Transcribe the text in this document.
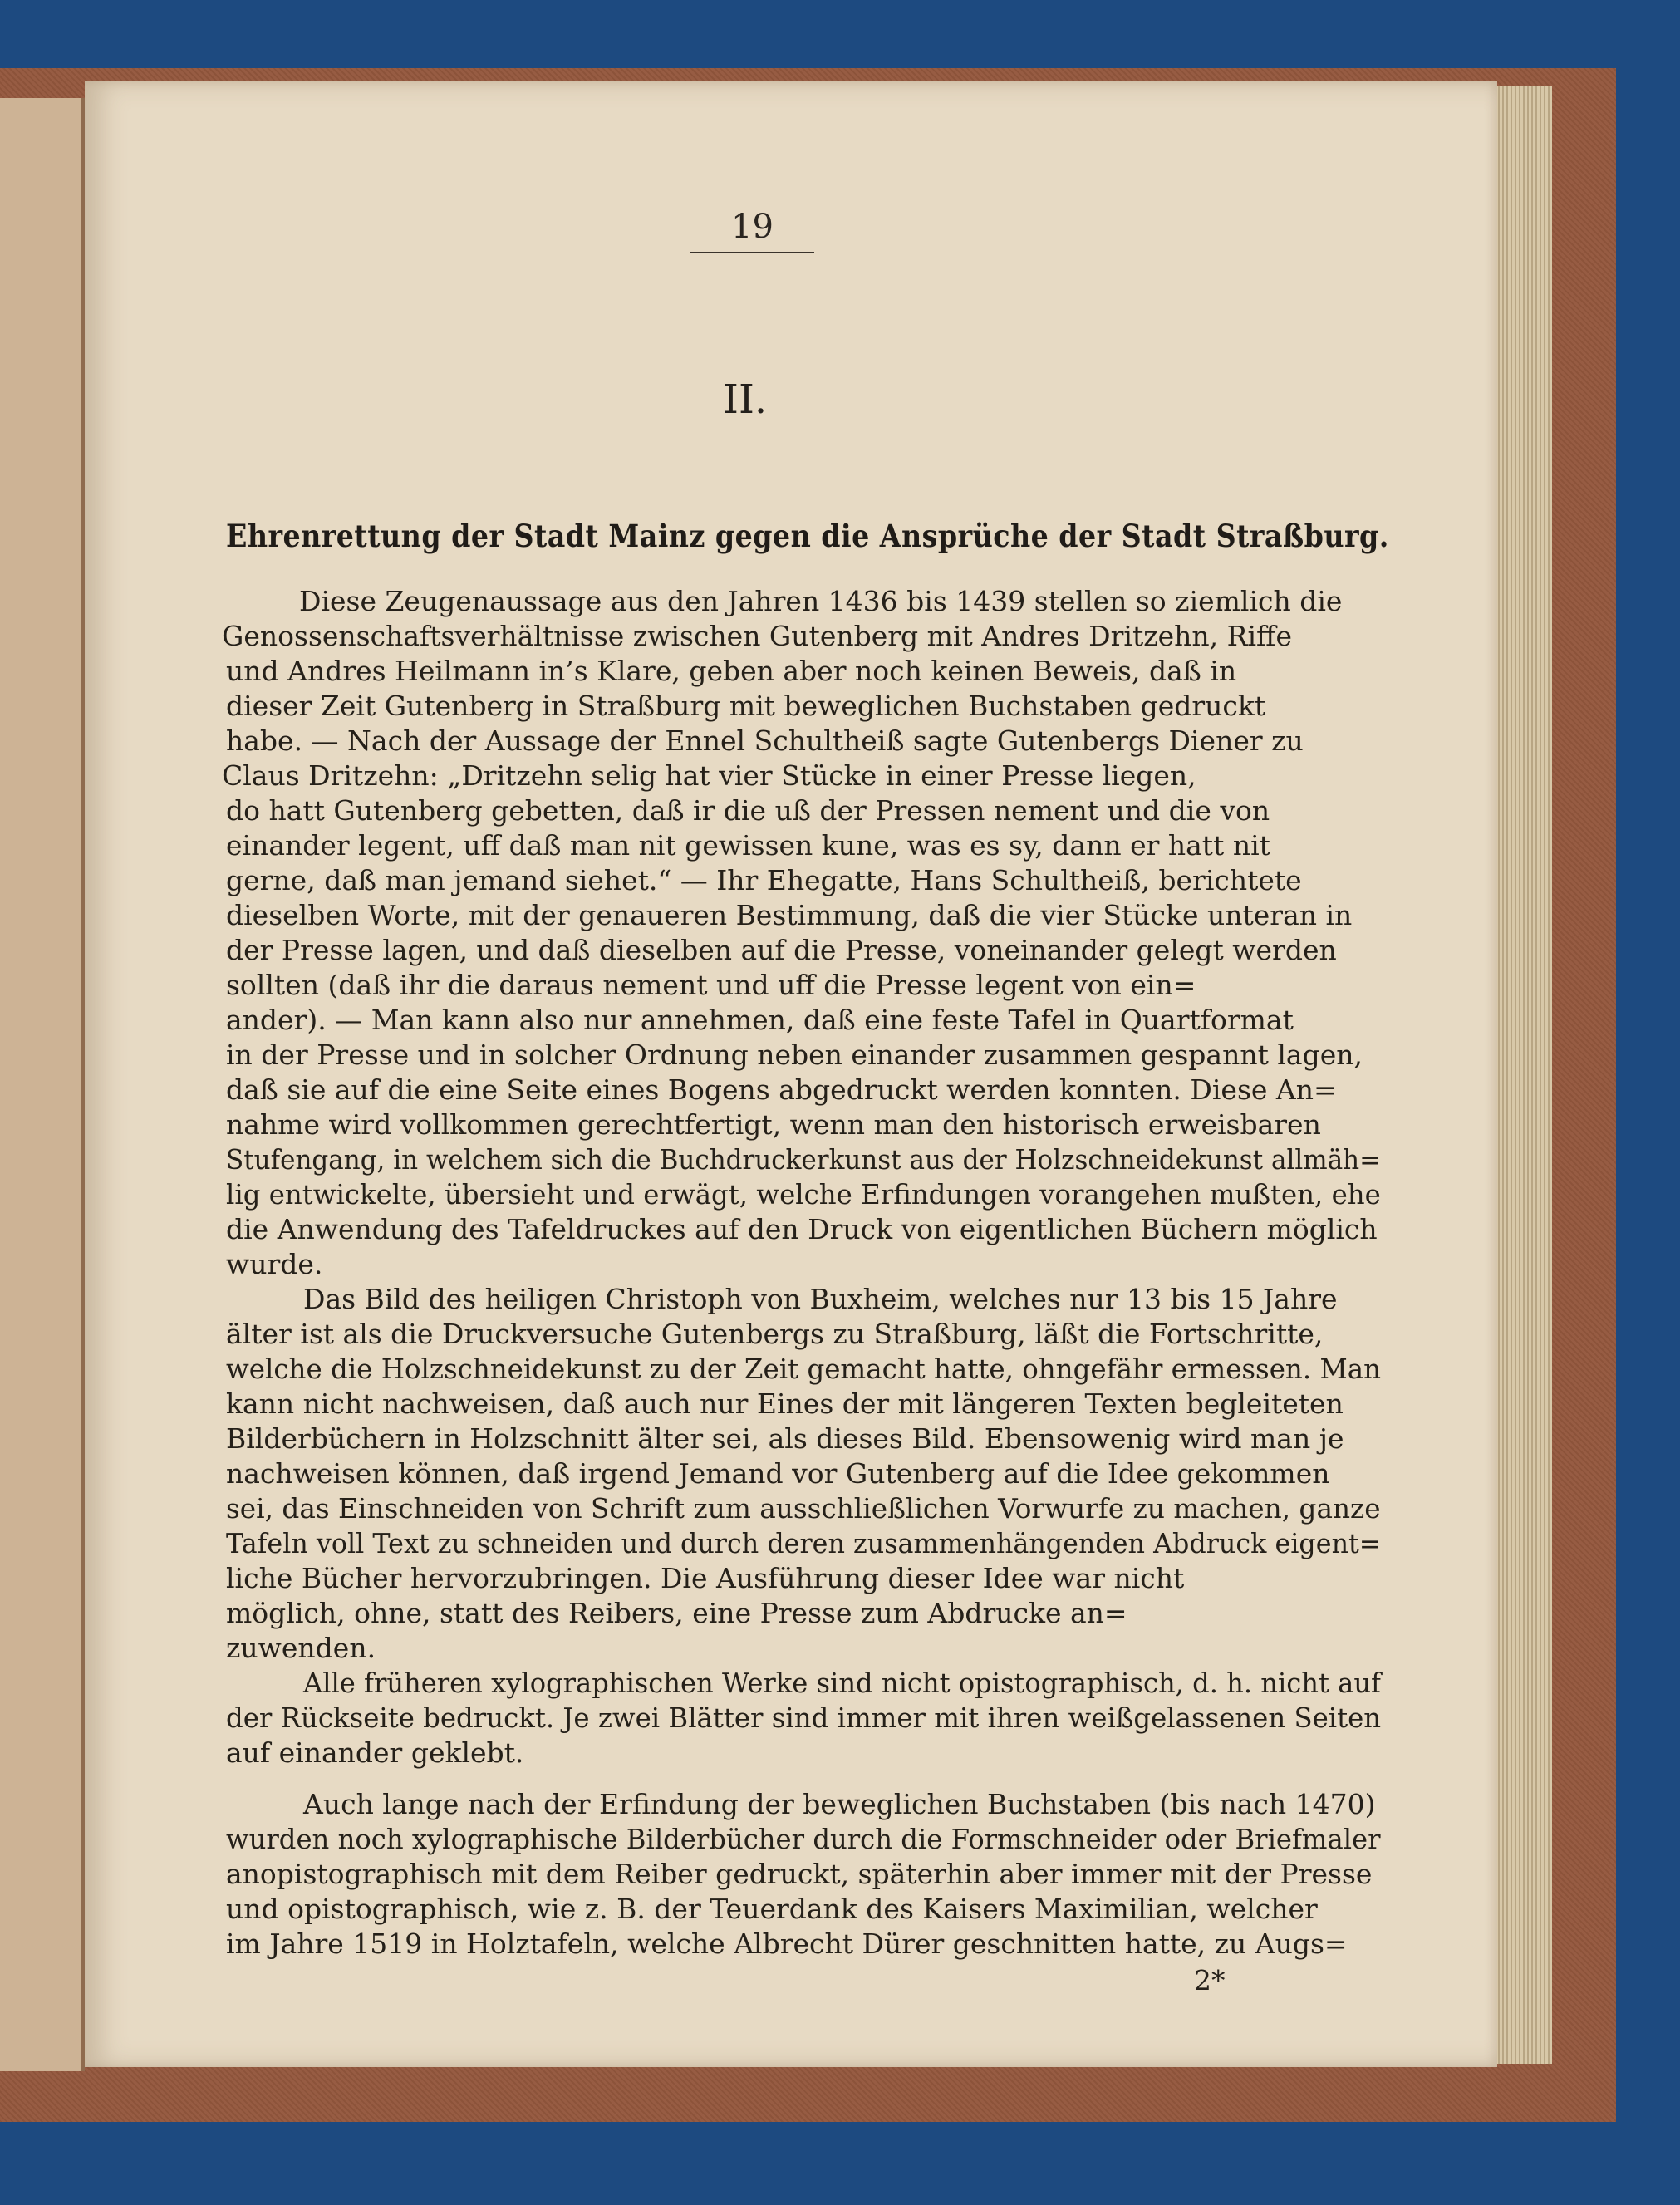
19
II.
Ehrenrettung der Stadt Mainz gegen die Ansprüche der Stadt Straßburg.
Diese Zeugenaussage aus den Jahren 1436 bis 1439 stellen so ziemlich die
Genossenschaftsverhältnisse zwischen Gutenberg mit Andres Dritzehn, Riffe
und Andres Heilmann in’s Klare, geben aber noch keinen Beweis, daß in
dieser Zeit Gutenberg in Straßburg mit beweglichen Buchstaben gedruckt
habe. — Nach der Aussage der Ennel Schultheiß sagte Gutenbergs Diener zu
Claus Dritzehn: „Dritzehn selig hat vier Stücke in einer Presse liegen,
do hatt Gutenberg gebetten, daß ir die uß der Pressen nement und die von
einander legent, uff daß man nit gewissen kune, was es sy, dann er hatt nit
gerne, daß man jemand siehet.“ — Ihr Ehegatte, Hans Schultheiß, berichtete
dieselben Worte, mit der genaueren Bestimmung, daß die vier Stücke unteran in
der Presse lagen, und daß dieselben auf die Presse, voneinander gelegt werden
sollten (daß ihr die daraus nement und uff die Presse legent von ein=
ander). — Man kann also nur annehmen, daß eine feste Tafel in Quartformat
in der Presse und in solcher Ordnung neben einander zusammen gespannt lagen,
daß sie auf die eine Seite eines Bogens abgedruckt werden konnten. Diese An=
nahme wird vollkommen gerechtfertigt, wenn man den historisch erweisbaren
Stufengang, in welchem sich die Buchdruckerkunst aus der Holzschneidekunst allmäh=
lig entwickelte, übersieht und erwägt, welche Erfindungen vorangehen mußten, ehe
die Anwendung des Tafeldruckes auf den Druck von eigentlichen Büchern möglich
wurde.
Das Bild des heiligen Christoph von Buxheim, welches nur 13 bis 15 Jahre
älter ist als die Druckversuche Gutenbergs zu Straßburg, läßt die Fortschritte,
welche die Holzschneidekunst zu der Zeit gemacht hatte, ohngefähr ermessen. Man
kann nicht nachweisen, daß auch nur Eines der mit längeren Texten begleiteten
Bilderbüchern in Holzschnitt älter sei, als dieses Bild. Ebensowenig wird man je
nachweisen können, daß irgend Jemand vor Gutenberg auf die Idee gekommen
sei, das Einschneiden von Schrift zum ausschließlichen Vorwurfe zu machen, ganze
Tafeln voll Text zu schneiden und durch deren zusammenhängenden Abdruck eigent=
liche Bücher hervorzubringen. Die Ausführung dieser Idee war nicht
möglich, ohne, statt des Reibers, eine Presse zum Abdrucke an=
zuwenden.
Alle früheren xylographischen Werke sind nicht opistographisch, d. h. nicht auf
der Rückseite bedruckt. Je zwei Blätter sind immer mit ihren weißgelassenen Seiten
auf einander geklebt.
Auch lange nach der Erfindung der beweglichen Buchstaben (bis nach 1470)
wurden noch xylographische Bilderbücher durch die Formschneider oder Briefmaler
anopistographisch mit dem Reiber gedruckt, späterhin aber immer mit der Presse
und opistographisch, wie z. B. der Teuerdank des Kaisers Maximilian, welcher
im Jahre 1519 in Holztafeln, welche Albrecht Dürer geschnitten hatte, zu Augs=
2*
